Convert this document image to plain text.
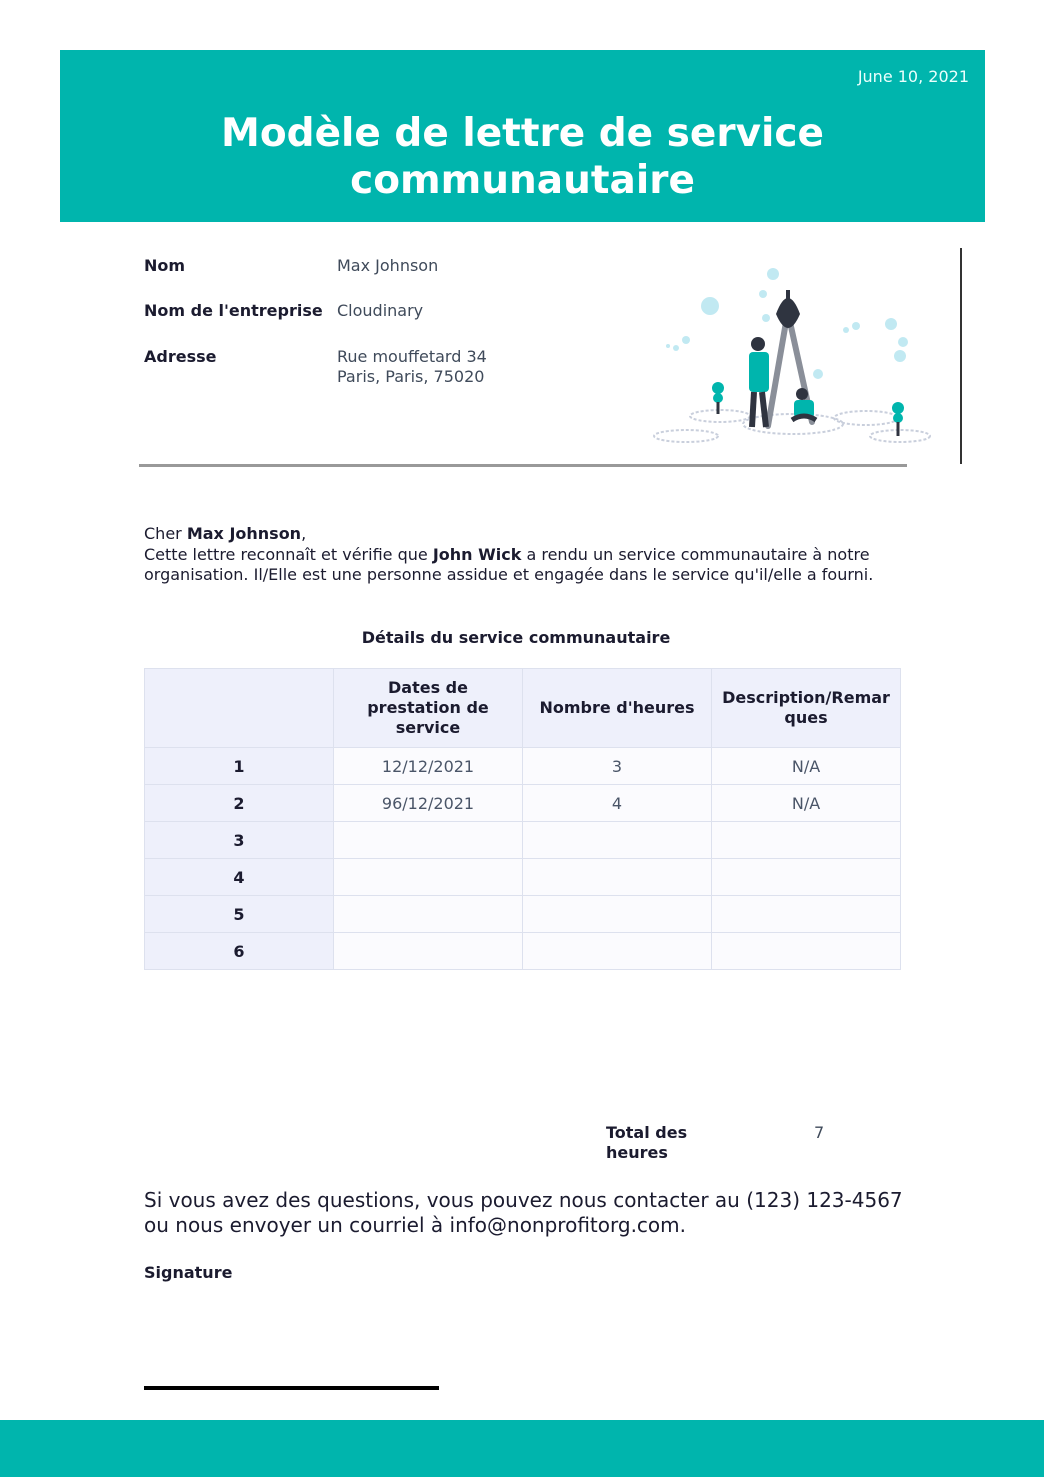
June 10, 2021
Modèle de lettre de service communautaire
Nom	Max Johnson
Nom de l'entreprise Cloudinary
Adresse	Rue mouffetard 34
Paris, Paris, 75020
Cher Max Johnson,
Cette lettre reconnaît et vérifie que John Wick a rendu un service communautaire à notre organisation. Il/Elle est une personne assidue et engagée dans le service qu'il/elle a fourni.
Détails du service communautaire
	Dates de prestation de service	Nombre d'heures	Description/Remarques
1	12/12/2021	3	N/A
2	96/12/2021	4	N/A
3			
4			
5			
6			
Total des heures
7
Si vous avez des questions, vous pouvez nous contacter au (123) 123-4567 ou nous envoyer un courriel à info@nonprofitorg.com.
Signature
